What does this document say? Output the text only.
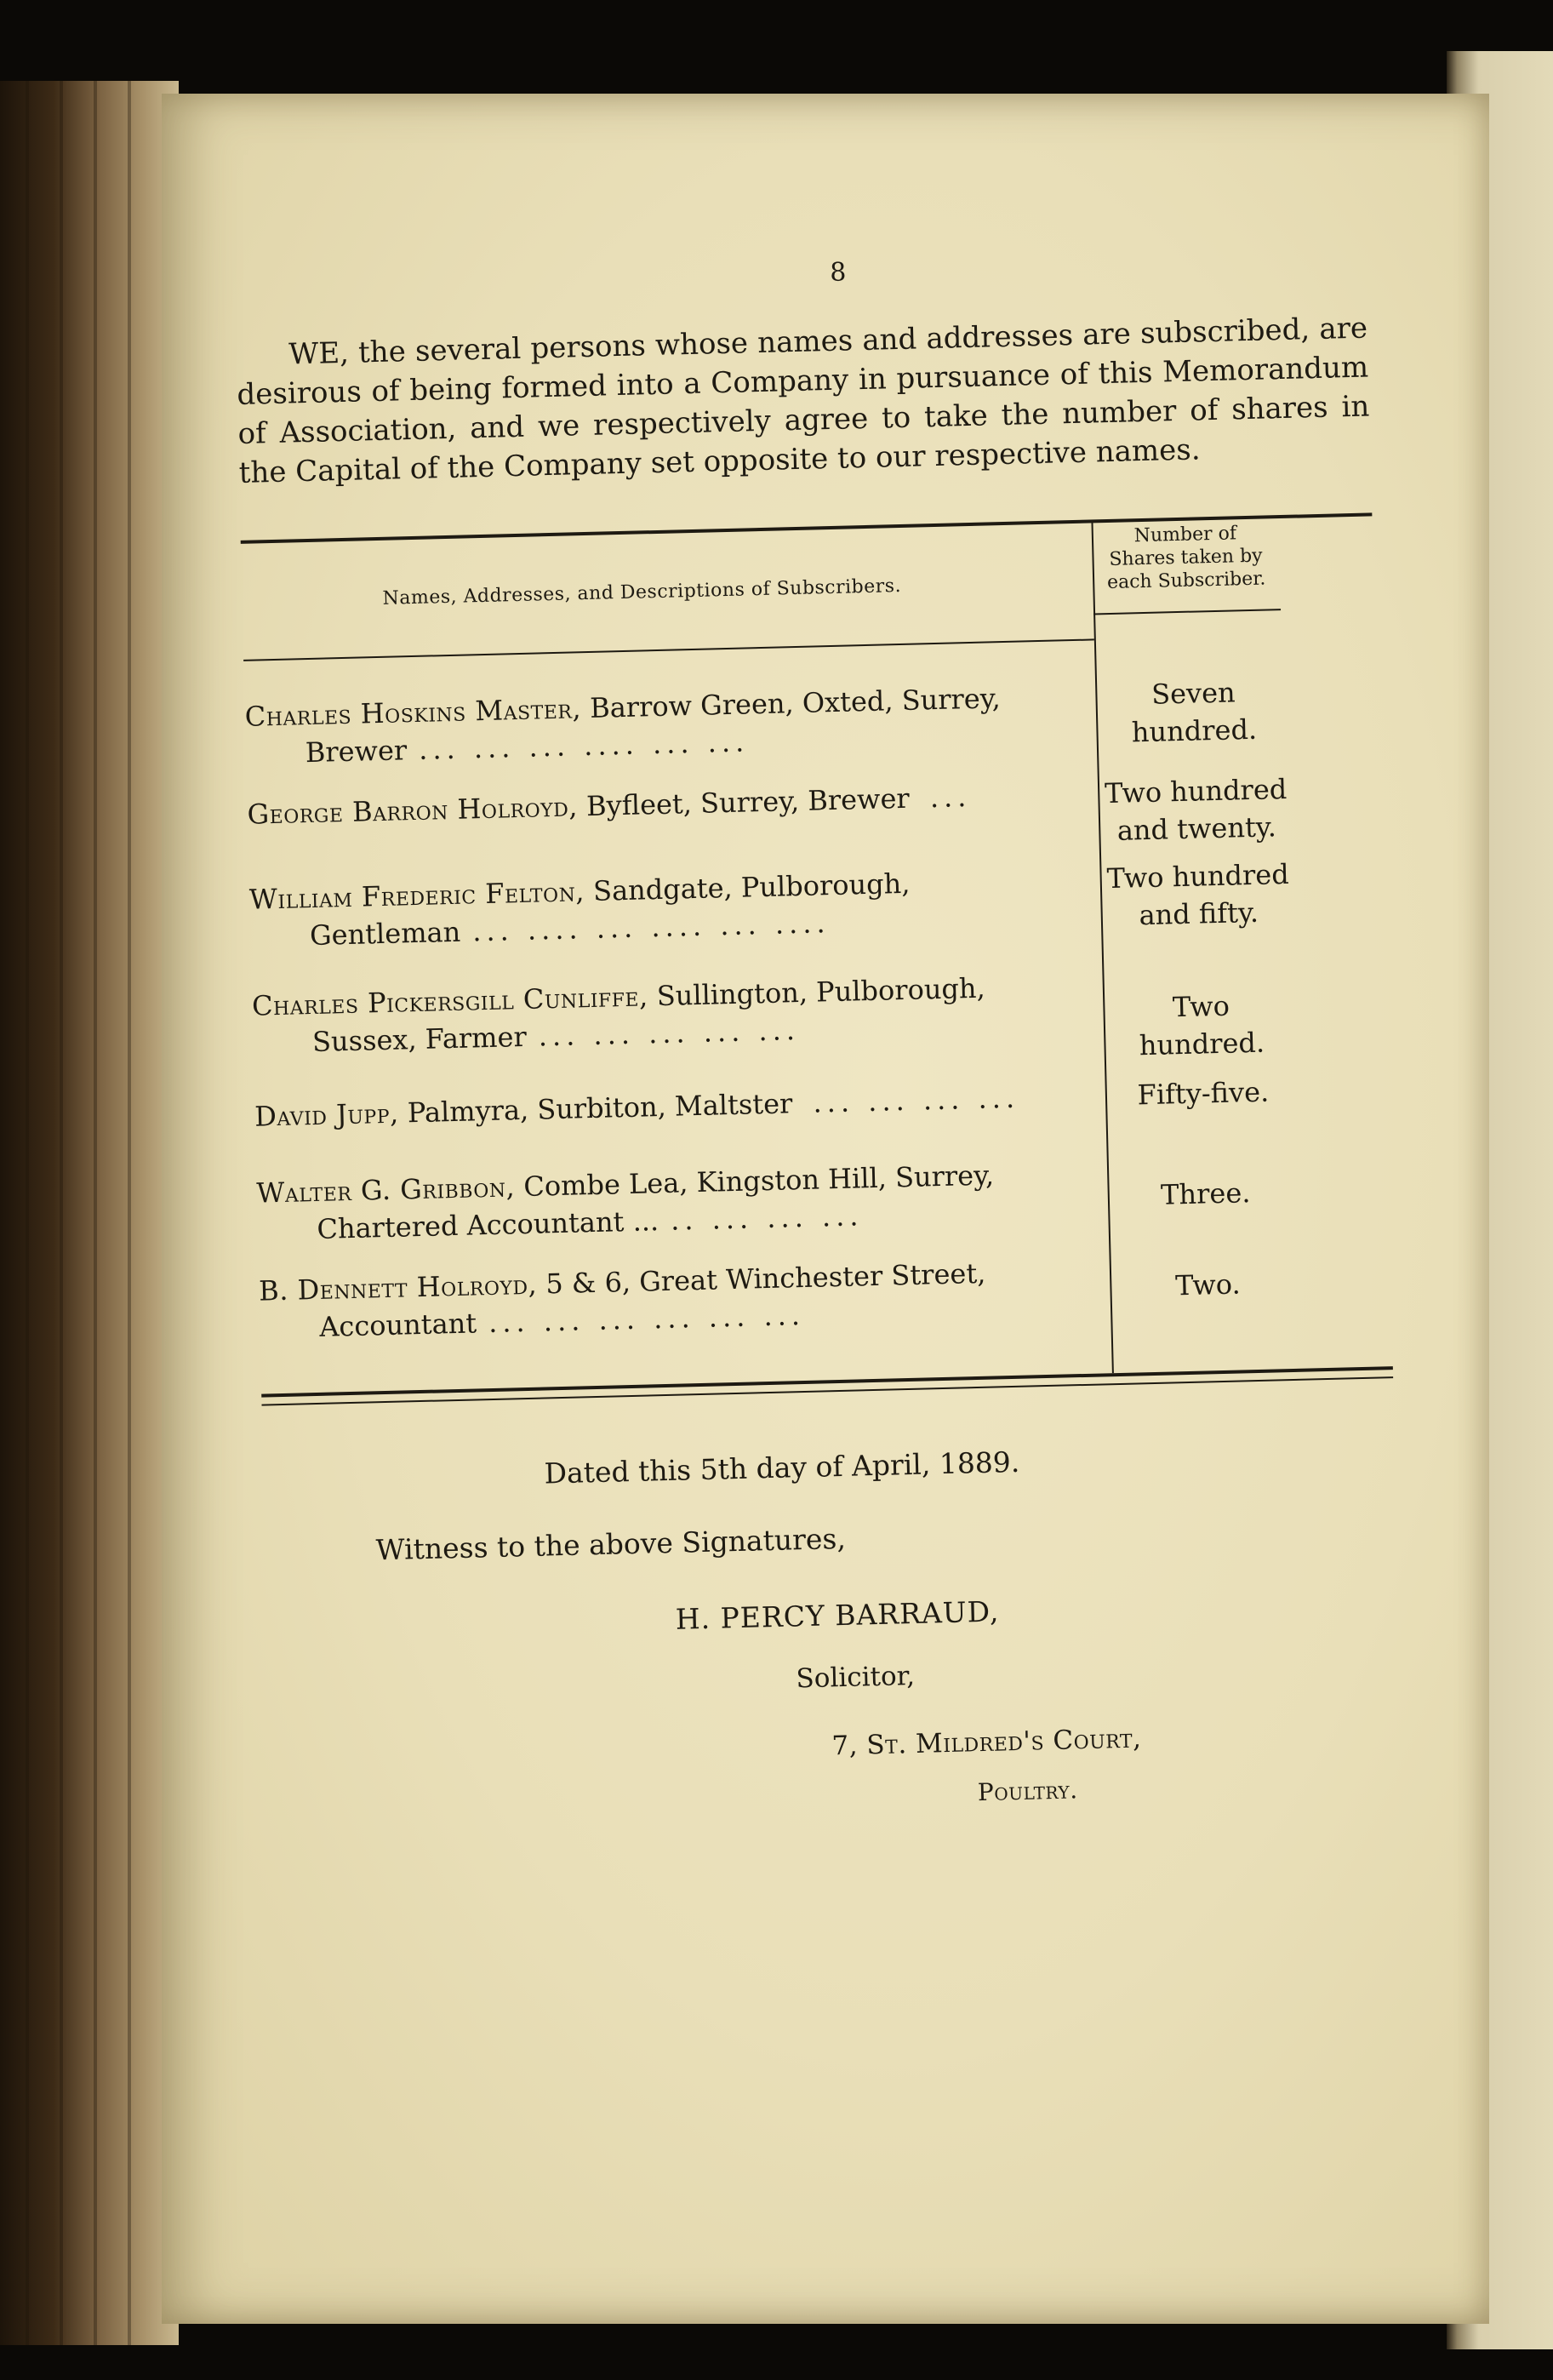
8

WE, the several persons whose names and addresses are subscribed, are desirous of being formed into a Company in pursuance of this Memorandum of Association, and we respectively agree to take the number of shares in the Capital of the Company set opposite to our respective names.

Names, Addresses, and Descriptions of Subscribers.
Number of
Shares taken by
each Subscriber.
Charles Hoskins Master, Barrow Green, Oxted, Surrey,
Brewer ... ... ... .... ... ...
Seven
hundred.
George Barron Holroyd, Byfleet, Surrey, Brewer ...	Two hundred
and twenty.
William Frederic Felton, Sandgate, Pulborough,
Gentleman ... .... ... .... ... ....
Two hundred
and fifty.
Charles Pickersgill Cunliffe, Sullington, Pulborough,
Sussex, Farmer ... ... ... ... ...
Two hundred.
David Jupp, Palmyra, Surbiton, Maltster ... ... ... ...	Fifty-five.
Walter G. Gribbon, Combe Lea, Kingston Hill, Surrey,
Chartered Accountant ... .. ... ... ...
Three.
B. Dennett Holroyd, 5 & 6, Great Winchester Street,
Accountant ... ... ... ... ... ...
Two.
Dated this 5th day of April, 1889.
Witness to the above Signatures,
H. PERCY BARRAUD,
Solicitor,
7, St. Mildred's Court,
Poultry.
